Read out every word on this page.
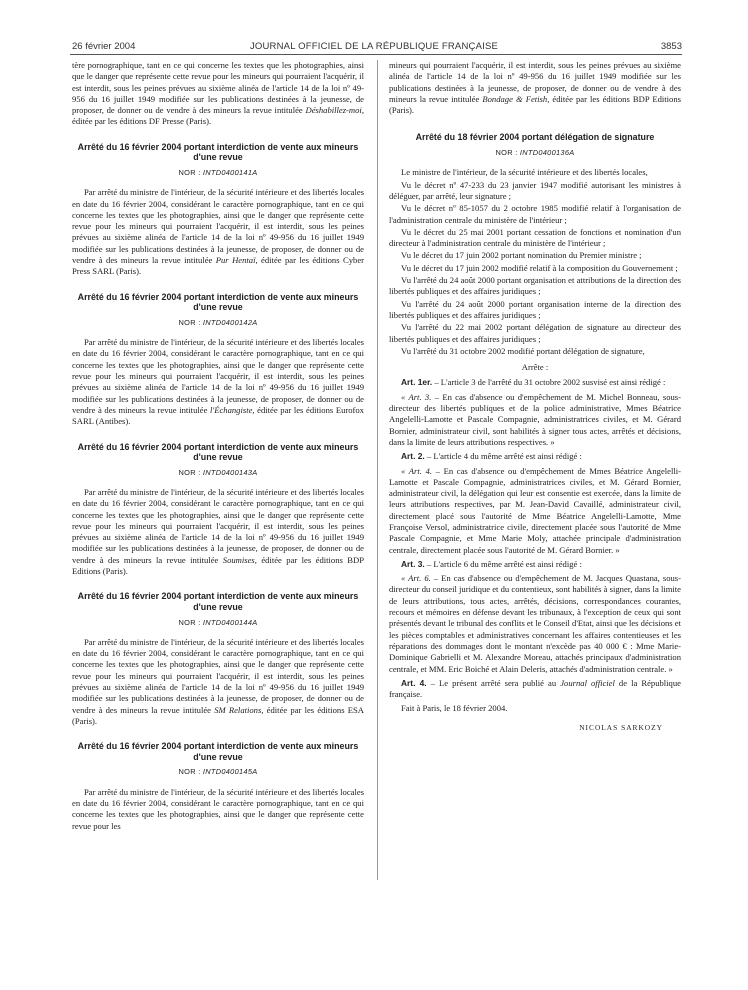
26 février 2004	JOURNAL OFFICIEL DE LA RÉPUBLIQUE FRANÇAISE	3853

tère pornographique, tant en ce qui concerne les textes que les photographies, ainsi que le danger que représente cette revue pour les mineurs qui pourraient l'acquérir, il est interdit, sous les peines prévues au sixième alinéa de l'article 14 de la loi nº 49-956 du 16 juillet 1949 modifiée sur les publications destinées à la jeunesse, de proposer, de donner ou de vendre à des mineurs la revue intitulée Déshabillez-moi, éditée par les éditions DF Presse (Paris).

Arrêté du 16 février 2004 portant interdiction de vente aux mineurs d'une revue
NOR : INTD0400141A

Par arrêté du ministre de l'intérieur, de la sécurité intérieure et des libertés locales en date du 16 février 2004, considérant le caractère pornographique, tant en ce qui concerne les textes que les photographies, ainsi que le danger que représente cette revue pour les mineurs qui pourraient l'acquérir, il est interdit, sous les peines prévues au sixième alinéa de l'article 14 de la loi nº 49-956 du 16 juillet 1949 modifiée sur les publications destinées à la jeunesse, de proposer, de donner ou de vendre à des mineurs la revue intitulée Pur Hentaï, éditée par les éditions Cyber Press SARL (Paris).

Arrêté du 16 février 2004 portant interdiction de vente aux mineurs d'une revue
NOR : INTD0400142A

Par arrêté du ministre de l'intérieur, de la sécurité intérieure et des libertés locales en date du 16 février 2004, considérant le caractère pornographique, tant en ce qui concerne les textes que les photographies, ainsi que le danger que représente cette revue pour les mineurs qui pourraient l'acquérir, il est interdit, sous les peines prévues au sixième alinéa de l'article 14 de la loi nº 49-956 du 16 juillet 1949 modifiée sur les publications destinées à la jeunesse, de proposer, de donner ou de vendre à des mineurs la revue intitulée l'Échangiste, éditée par les éditions Eurofox SARL (Antibes).

Arrêté du 16 février 2004 portant interdiction de vente aux mineurs d'une revue
NOR : INTD0400143A

Par arrêté du ministre de l'intérieur, de la sécurité intérieure et des libertés locales en date du 16 février 2004, considérant le caractère pornographique, tant en ce qui concerne les textes que les photographies, ainsi que le danger que représente cette revue pour les mineurs qui pourraient l'acquérir, il est interdit, sous les peines prévues au sixième alinéa de l'article 14 de la loi nº 49-956 du 16 juillet 1949 modifiée sur les publications destinées à la jeunesse, de proposer, de donner ou de vendre à des mineurs la revue intitulée Soumises, éditée par les éditions BDP Editions (Paris).

Arrêté du 16 février 2004 portant interdiction de vente aux mineurs d'une revue
NOR : INTD0400144A

Par arrêté du ministre de l'intérieur, de la sécurité intérieure et des libertés locales en date du 16 février 2004, considérant le caractère pornographique, tant en ce qui concerne les textes que les photographies, ainsi que le danger que représente cette revue pour les mineurs qui pourraient l'acquérir, il est interdit, sous les peines prévues au sixième alinéa de l'article 14 de la loi nº 49-956 du 16 juillet 1949 modifiée sur les publications destinées à la jeunesse, de proposer, de donner ou de vendre à des mineurs la revue intitulée SM Relations, éditée par les éditions ESA (Paris).

Arrêté du 16 février 2004 portant interdiction de vente aux mineurs d'une revue
NOR : INTD0400145A

Par arrêté du ministre de l'intérieur, de la sécurité intérieure et des libertés locales en date du 16 février 2004, considérant le caractère pornographique, tant en ce qui concerne les textes que les photographies, ainsi que le danger que représente cette revue pour les

mineurs qui pourraient l'acquérir, il est interdit, sous les peines prévues au sixième alinéa de l'article 14 de la loi nº 49-956 du 16 juillet 1949 modifiée sur les publications destinées à la jeunesse, de proposer, de donner ou de vendre à des mineurs la revue intitulée Bondage & Fetish, éditée par les éditions BDP Editions (Paris).

Arrêté du 18 février 2004 portant délégation de signature
NOR : INTD0400136A

Le ministre de l'intérieur, de la sécurité intérieure et des libertés locales,

Vu le décret nº 47-233 du 23 janvier 1947 modifié autorisant les ministres à déléguer, par arrêté, leur signature ;

Vu le décret nº 85-1057 du 2 octobre 1985 modifié relatif à l'organisation de l'administration centrale du ministère de l'intérieur ;

Vu le décret du 25 mai 2001 portant cessation de fonctions et nomination d'un directeur à l'administration centrale du ministère de l'intérieur ;

Vu le décret du 17 juin 2002 portant nomination du Premier ministre ;

Vu le décret du 17 juin 2002 modifié relatif à la composition du Gouvernement ;

Vu l'arrêté du 24 août 2000 portant organisation et attributions de la direction des libertés publiques et des affaires juridiques ;

Vu l'arrêté du 24 août 2000 portant organisation interne de la direction des libertés publiques et des affaires juridiques ;

Vu l'arrêté du 22 mai 2002 portant délégation de signature au directeur des libertés publiques et des affaires juridiques ;

Vu l'arrêté du 31 octobre 2002 modifié portant délégation de signature,

Arrête :

Art. 1er. – L'article 3 de l'arrêté du 31 octobre 2002 susvisé est ainsi rédigé :

« Art. 3. – En cas d'absence ou d'empêchement de M. Michel Bonneau, sous-directeur des libertés publiques et de la police administrative, Mmes Béatrice Angelelli-Lamotte et Pascale Compagnie, administratrices civiles, et M. Gérard Bornier, administrateur civil, sont habilités à signer tous actes, arrêtés et décisions, dans la limite de leurs attributions respectives. »

Art. 2. – L'article 4 du même arrêté est ainsi rédigé :

« Art. 4. – En cas d'absence ou d'empêchement de Mmes Béatrice Angelelli-Lamotte et Pascale Compagnie, administratrices civiles, et M. Gérard Bornier, administrateur civil, la délégation qui leur est consentie est exercée, dans la limite de leurs attributions respectives, par M. Jean-David Cavaillé, administrateur civil, directement placé sous l'autorité de Mme Béatrice Angelelli-Lamotte, Mme Françoise Versol, administratrice civile, directement placée sous l'autorité de Mme Pascale Compagnie, et Mme Marie Moly, attachée principale d'administration centrale, directement placée sous l'autorité de M. Gérard Bornier. »

Art. 3. – L'article 6 du même arrêté est ainsi rédigé :

« Art. 6. – En cas d'absence ou d'empêchement de M. Jacques Quastana, sous-directeur du conseil juridique et du contentieux, sont habilités à signer, dans la limite de leurs attributions, tous actes, arrêtés, décisions, correspondances courantes, recours et mémoires en défense devant les tribunaux, à l'exception de ceux qui sont présentés devant le tribunal des conflits et le Conseil d'Etat, ainsi que les décisions et les pièces comptables et administratives concernant les affaires contentieuses et les réparations des dommages dont le montant n'excède pas 40 000 € : Mme Marie-Dominique Gabrielli et M. Alexandre Moreau, attachés principaux d'administration centrale, et MM. Eric Boiché et Alain Deleris, attachés d'administration centrale. »

Art. 4. – Le présent arrêté sera publié au Journal officiel de la République française.

Fait à Paris, le 18 février 2004.

NICOLAS SARKOZY
